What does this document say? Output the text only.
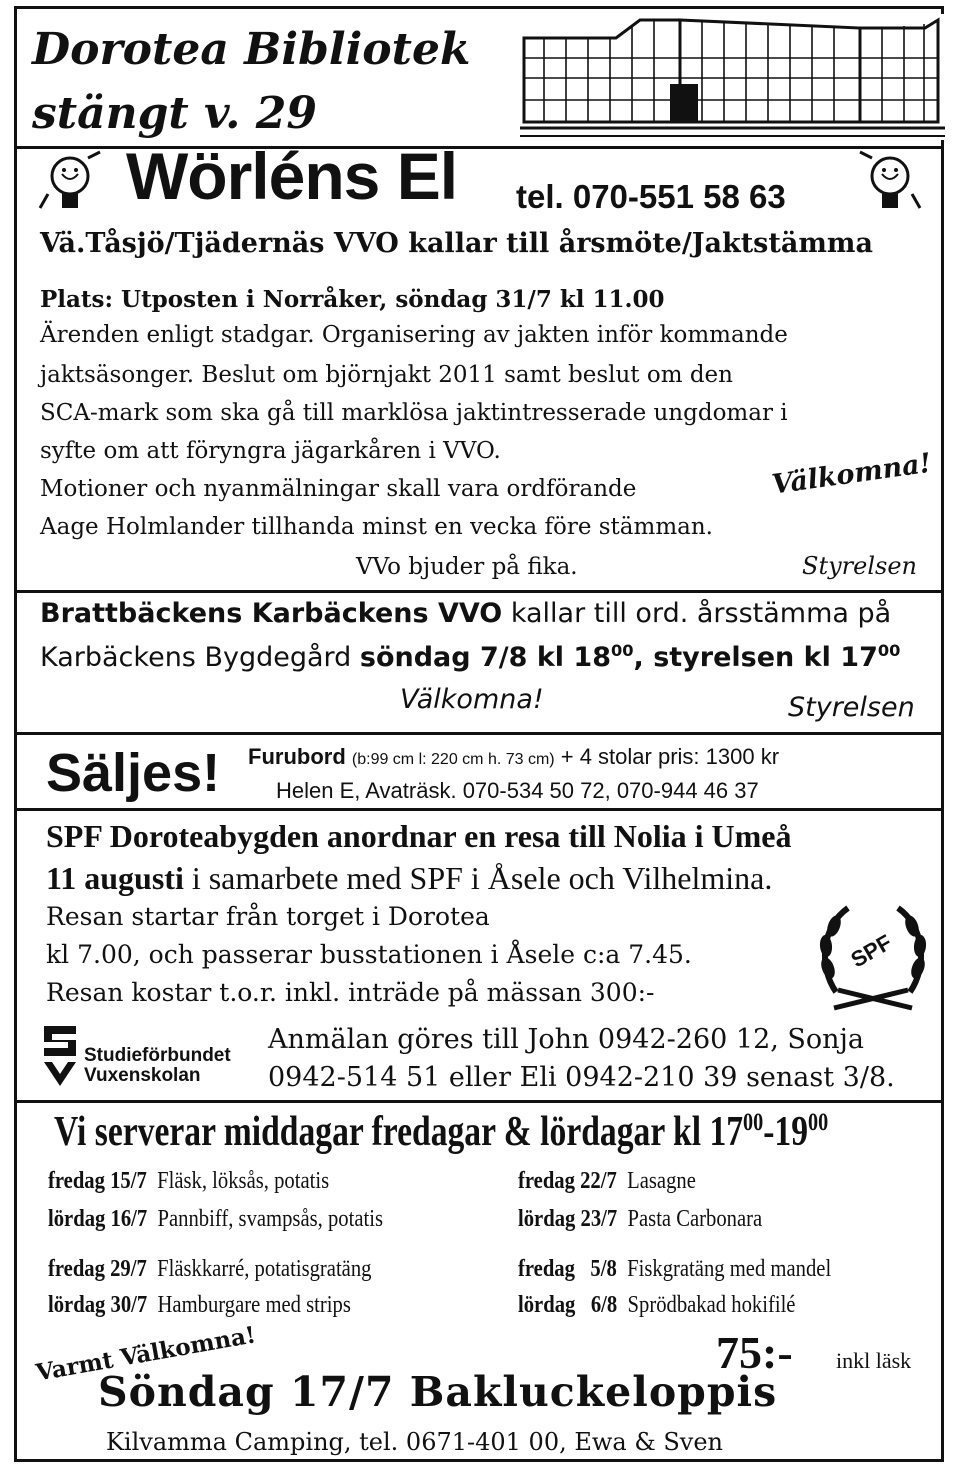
Dorotea Bibliotek
stängt v. 29
Wörléns El tel. 070-551 58 63
Vä.Tåsjö/Tjädernäs VVO kallar till årsmöte/Jaktstämma
Plats: Utposten i Norråker, söndag 31/7 kl 11.00
Ärenden enligt stadgar. Organisering av jakten inför kommande
jaktsäsonger. Beslut om björnjakt 2011 samt beslut om den
SCA-mark som ska gå till marklösa jaktintresserade ungdomar i
syfte om att föryngra jägarkåren i VVO.
Motioner och nyanmälningar skall vara ordförande
Aage Holmlander tillhanda minst en vecka före stämman.
Välkomna!
VVo bjuder på fika.	Styrelsen
Brattbäckens Karbäckens VVO kallar till ord. årsstämma på
Karbäckens Bygdegård söndag 7/8 kl $18^{00}$, styrelsen kl $17^{00}$
Välkomna!	Styrelsen
Säljes! Furubord (b:99 cm l: 220 cm h. 73 cm) + 4 stolar pris: 1300 kr
Helen E, Avaträsk. 070-534 50 72, 070-944 46 37
SPF Doroteabygden anordnar en resa till Nolia i Umeå
11 augusti i samarbete med SPF i Åsele och Vilhelmina.
Resan startar från torget i Dorotea
kl 7.00, och passerar busstationen i Åsele c:a 7.45.
Resan kostar t.o.r. inkl. inträde på mässan 300:-
SPF
Studieförbundet
Vuxenskolan
Anmälan göres till John 0942-260 12, Sonja
0942-514 51 eller Eli 0942-210 39 senast 3/8.
Vi serverar middagar fredagar & lördagar kl $17^{00}-19^{00}$
fredag 15/7 Fläsk, löksås, potatis
lördag 16/7 Pannbiff, svampsås, potatis
fredag 22/7 Lasagne
lördag 23/7 Pasta Carbonara
fredag 29/7 Fläskkarré, potatisgratäng
lördag 30/7 Hamburgare med strips
fredag   5/8 Fiskgratäng med mandel
lördag   6/8 Sprödbakad hokifilé
Varmt Välkomna!	75:- inkl läsk
Söndag 17/7 Bakluckeloppis
Kilvamma Camping, tel. 0671-401 00, Ewa & Sven
